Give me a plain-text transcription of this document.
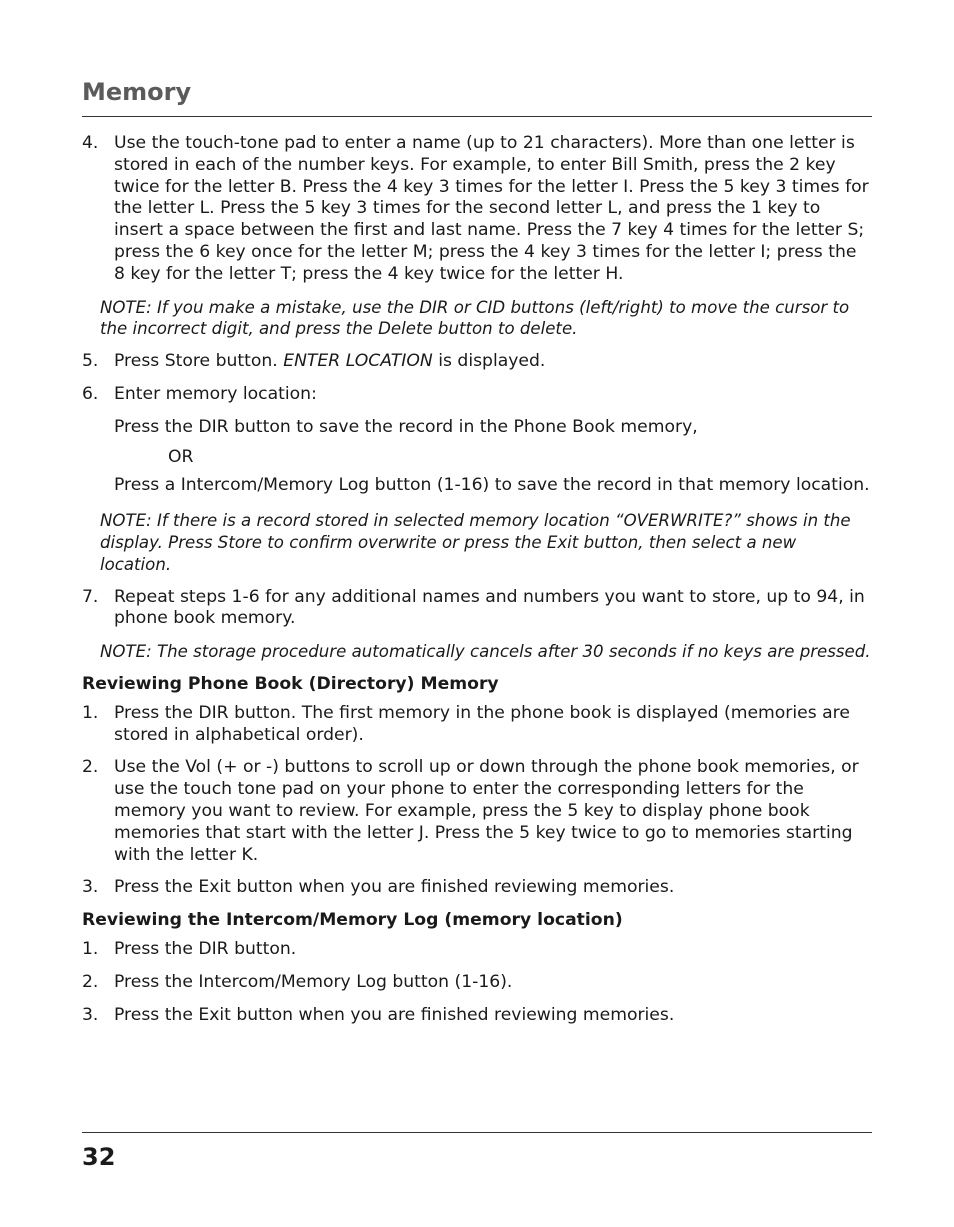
Memory
4. Use the touch-tone pad to enter a name (up to 21 characters). More than one letter is stored in each of the number keys. For example, to enter Bill Smith, press the 2 key twice for the letter B. Press the 4 key 3 times for the letter I. Press the 5 key 3 times for the letter L. Press the 5 key 3 times for the second letter L, and press the 1 key to insert a space between the first and last name. Press the 7 key 4 times for the letter S; press the 6 key once for the letter M; press the 4 key 3 times for the letter I; press the 8 key for the letter T; press the 4 key twice for the letter H.
NOTE: If you make a mistake, use the DIR or CID buttons (left/right) to move the cursor to the incorrect digit, and press the Delete button to delete.
5. Press Store button. ENTER LOCATION is displayed.
6. Enter memory location:
Press the DIR button to save the record in the Phone Book memory,
OR
Press a Intercom/Memory Log button (1-16) to save the record in that memory location.
NOTE: If there is a record stored in selected memory location “OVERWRITE?” shows in the display. Press Store to confirm overwrite or press the Exit button, then select a new location.
7. Repeat steps 1-6 for any additional names and numbers you want to store, up to 94, in phone book memory.
NOTE: The storage procedure automatically cancels after 30 seconds if no keys are pressed.
Reviewing Phone Book (Directory) Memory
1. Press the DIR button. The first memory in the phone book is displayed (memories are stored in alphabetical order).
2. Use the Vol (+ or -) buttons to scroll up or down through the phone book memories, or use the touch tone pad on your phone to enter the corresponding letters for the memory you want to review. For example, press the 5 key to display phone book memories that start with the letter J. Press the 5 key twice to go to memories starting with the letter K.
3. Press the Exit button when you are finished reviewing memories.
Reviewing the Intercom/Memory Log (memory location)
1. Press the DIR button.
2. Press the Intercom/Memory Log button (1-16).
3. Press the Exit button when you are finished reviewing memories.
32
